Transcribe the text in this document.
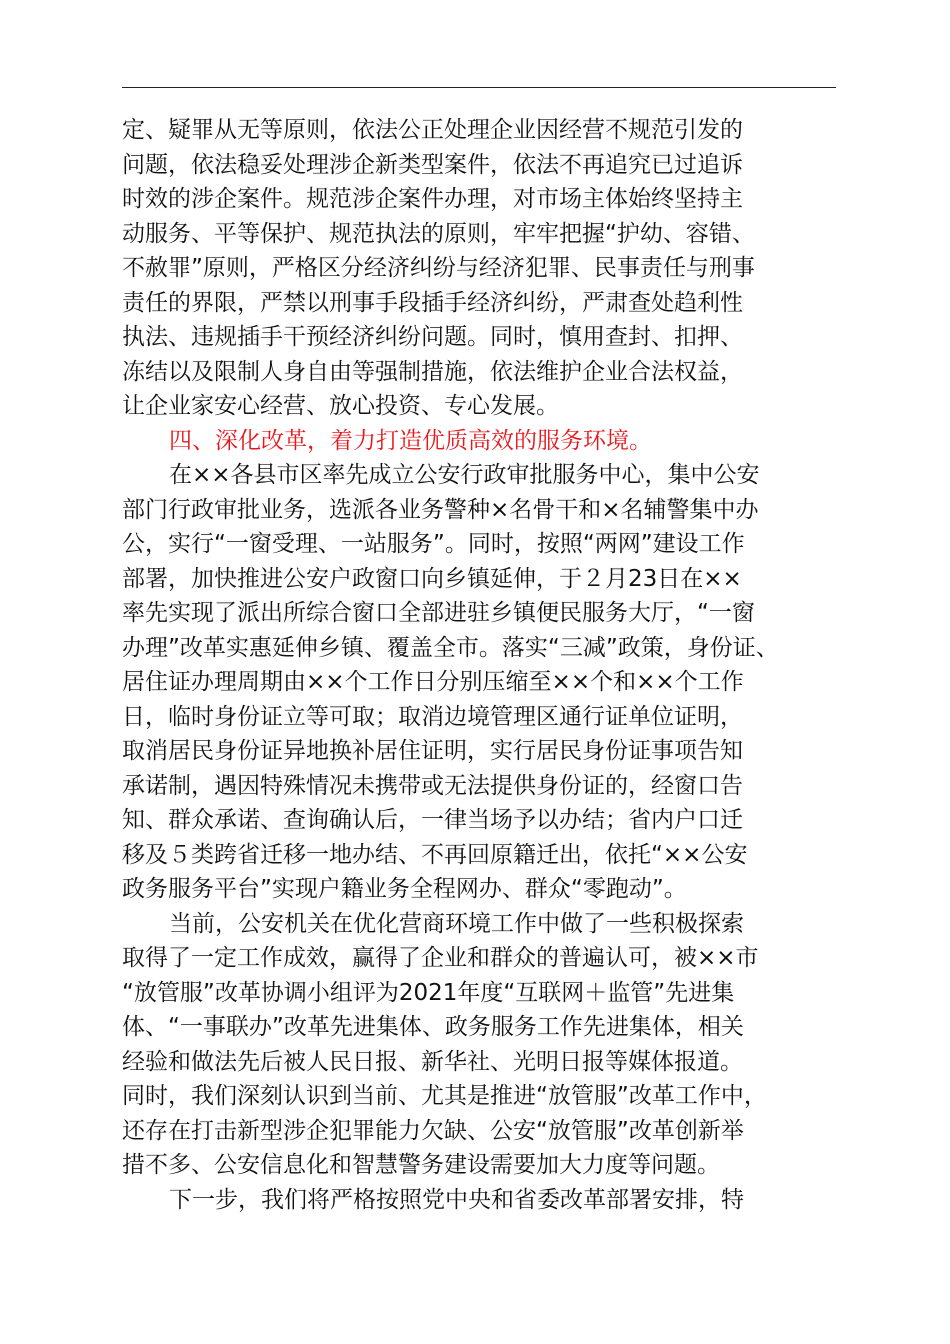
定、疑罪从无等原则，依法公正处理企业因经营不规范引发的
问题，依法稳妥处理涉企新类型案件，依法不再追究已过追诉
时效的涉企案件。规范涉企案件办理，对市场主体始终坚持主
动服务、平等保护、规范执法的原则，牢牢把握“护幼、容错、
不赦罪”原则，严格区分经济纠纷与经济犯罪、民事责任与刑事
责任的界限，严禁以刑事手段插手经济纠纷，严肃查处趋利性
执法、违规插手干预经济纠纷问题。同时，慎用查封、扣押、
冻结以及限制人身自由等强制措施，依法维护企业合法权益，
让企业家安心经营、放心投资、专心发展。
四、深化改革，着力打造优质高效的服务环境。
在××各县市区率先成立公安行政审批服务中心，集中公安
部门行政审批业务，选派各业务警种×名骨干和×名辅警集中办
公，实行“一窗受理、一站服务”。同时，按照“两网”建设工作
部署，加快推进公安户政窗口向乡镇延伸，于２月23日在××
率先实现了派出所综合窗口全部进驻乡镇便民服务大厅，“一窗
办理”改革实惠延伸乡镇、覆盖全市。落实“三减”政策，身份证、
居住证办理周期由××个工作日分别压缩至××个和××个工作
日，临时身份证立等可取；取消边境管理区通行证单位证明，
取消居民身份证异地换补居住证明，实行居民身份证事项告知
承诺制，遇因特殊情况未携带或无法提供身份证的，经窗口告
知、群众承诺、查询确认后，一律当场予以办结；省内户口迁
移及５类跨省迁移一地办结、不再回原籍迁出，依托“××公安
政务服务平台”实现户籍业务全程网办、群众“零跑动”。
当前，公安机关在优化营商环境工作中做了一些积极探索
取得了一定工作成效，赢得了企业和群众的普遍认可，被××市
“放管服”改革协调小组评为2021年度“互联网＋监管”先进集
体、“一事联办”改革先进集体、政务服务工作先进集体，相关
经验和做法先后被人民日报、新华社、光明日报等媒体报道。
同时，我们深刻认识到当前、尤其是推进“放管服”改革工作中，
还存在打击新型涉企犯罪能力欠缺、公安“放管服”改革创新举
措不多、公安信息化和智慧警务建设需要加大力度等问题。
下一步，我们将严格按照党中央和省委改革部署安排，特
